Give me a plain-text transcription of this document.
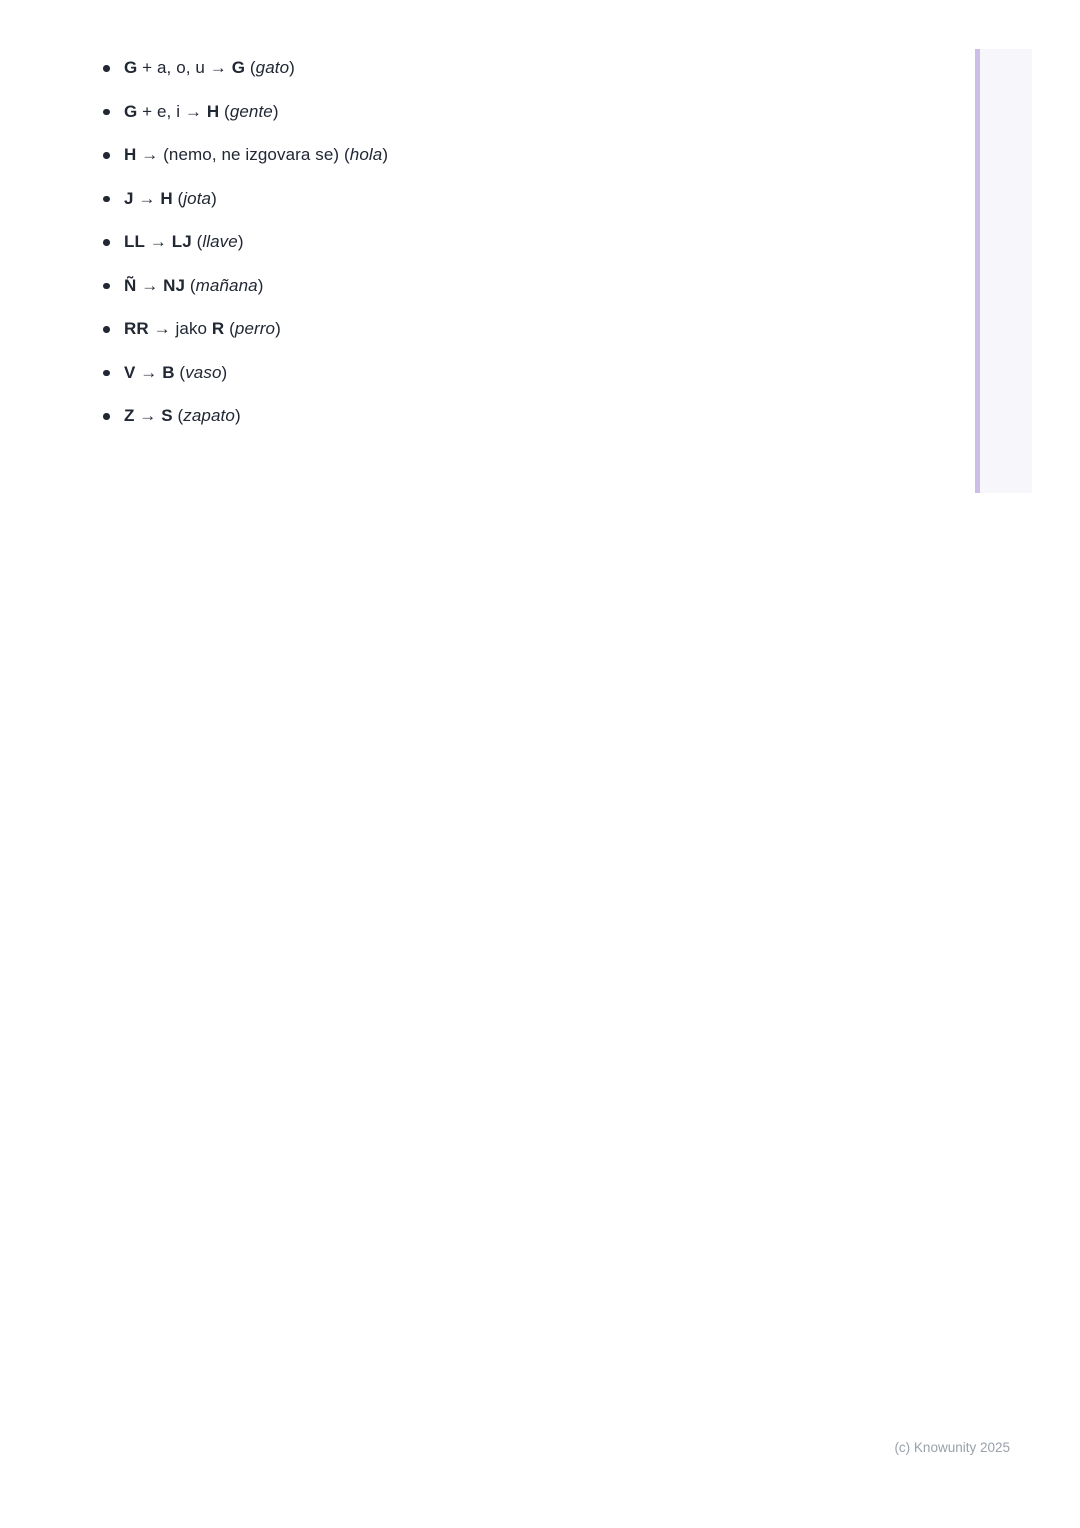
G + a, o, u → G (gato)
G + e, i → H (gente)
H → (nemo, ne izgovara se) (hola)
J → H (jota)
LL → LJ (llave)
Ñ → NJ (mañana)
RR → jako R (perro)
V → B (vaso)
Z → S (zapato)
(c) Knowunity 2025
